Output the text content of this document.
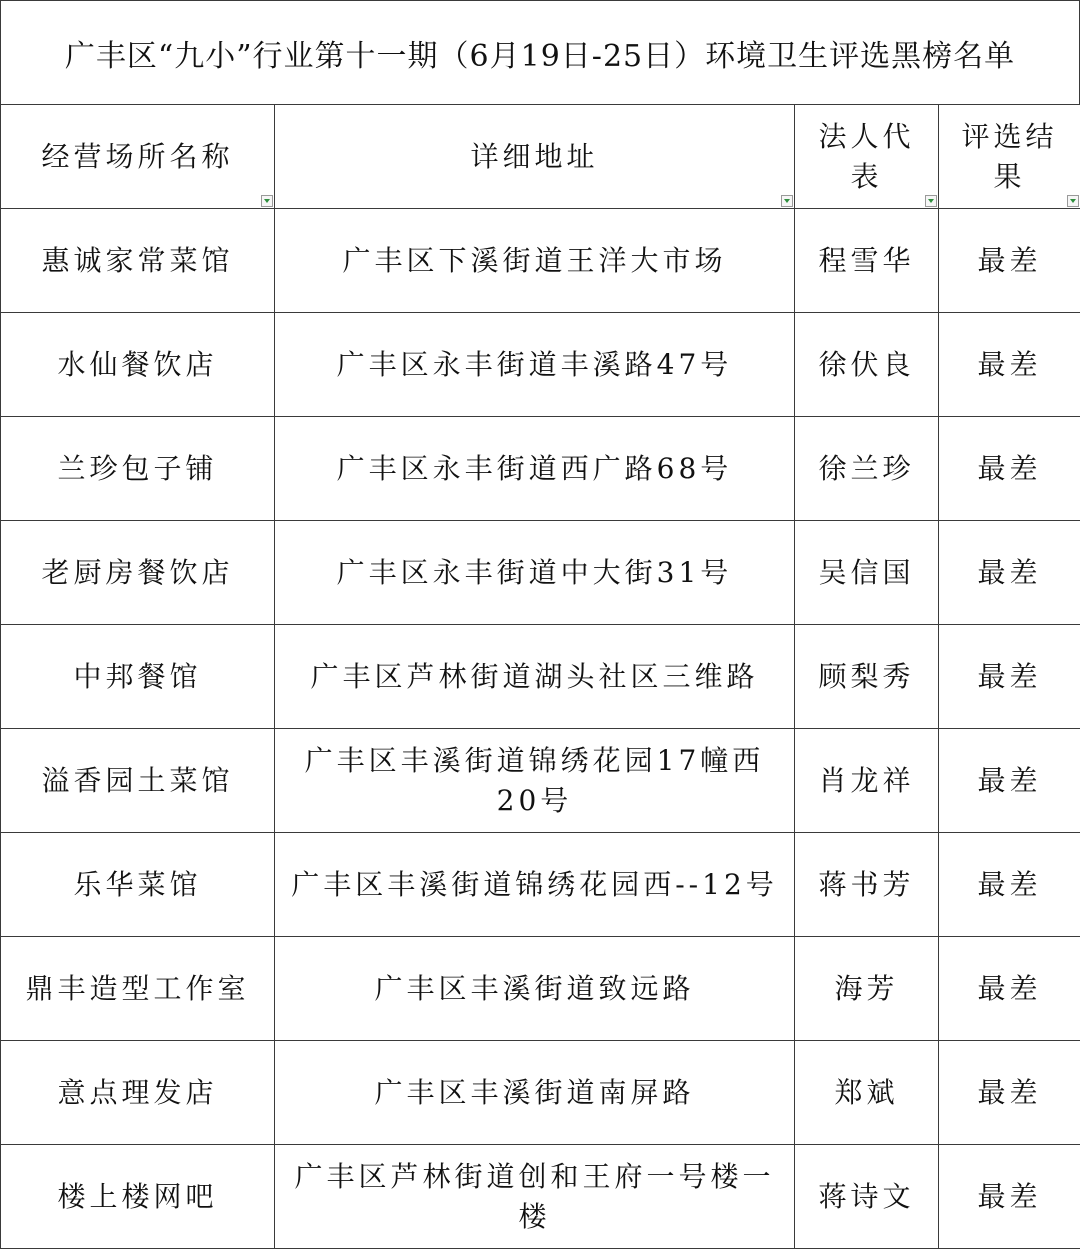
广丰区“九小”行业第十一期（6月19日-25日）环境卫生评选黑榜名单
经营场所名称	详细地址	法人代表	评选结果

惠诚家常菜馆	广丰区下溪街道王洋大市场	程雪华	最差
水仙餐饮店	广丰区永丰街道丰溪路47号	徐伏良	最差
兰珍包子铺	广丰区永丰街道西广路68号	徐兰珍	最差
老厨房餐饮店	广丰区永丰街道中大街31号	吴信国	最差
中邦餐馆	广丰区芦林街道湖头社区三维路	顾梨秀	最差
溢香园土菜馆	广丰区丰溪街道锦绣花园17幢西20号	肖龙祥	最差
乐华菜馆	广丰区丰溪街道锦绣花园西--12号	蒋书芳	最差
鼎丰造型工作室	广丰区丰溪街道致远路	海芳	最差
意点理发店	广丰区丰溪街道南屏路	郑斌	最差
楼上楼网吧	广丰区芦林街道创和王府一号楼一楼	蒋诗文	最差
